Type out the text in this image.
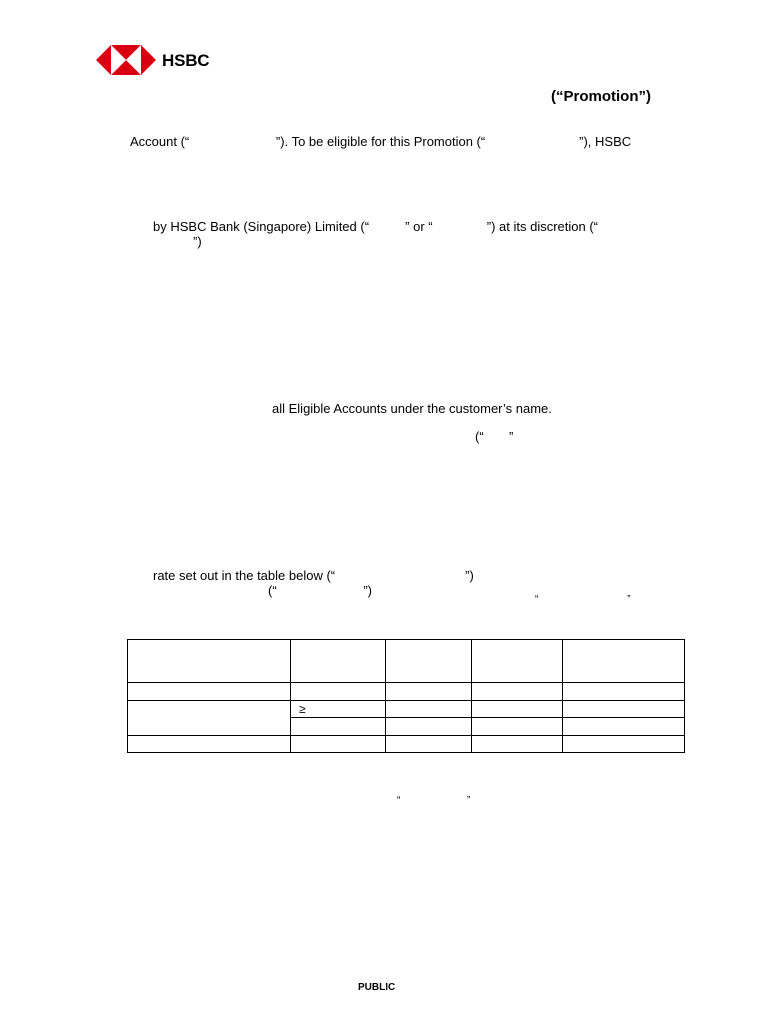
HSBC
(“Promotion”)
Account (“                        ”). To be eligible for this Promotion (“                          ”), HSBC
by HSBC Bank (Singapore) Limited (“          ” or “               ”) at its discretion (“
”)
all Eligible Accounts under the customer’s name.
(“       ”
rate set out in the table below (“                                    ”)
(“                        ”)
“                                ”
“                        ”

	≥			

PUBLIC
